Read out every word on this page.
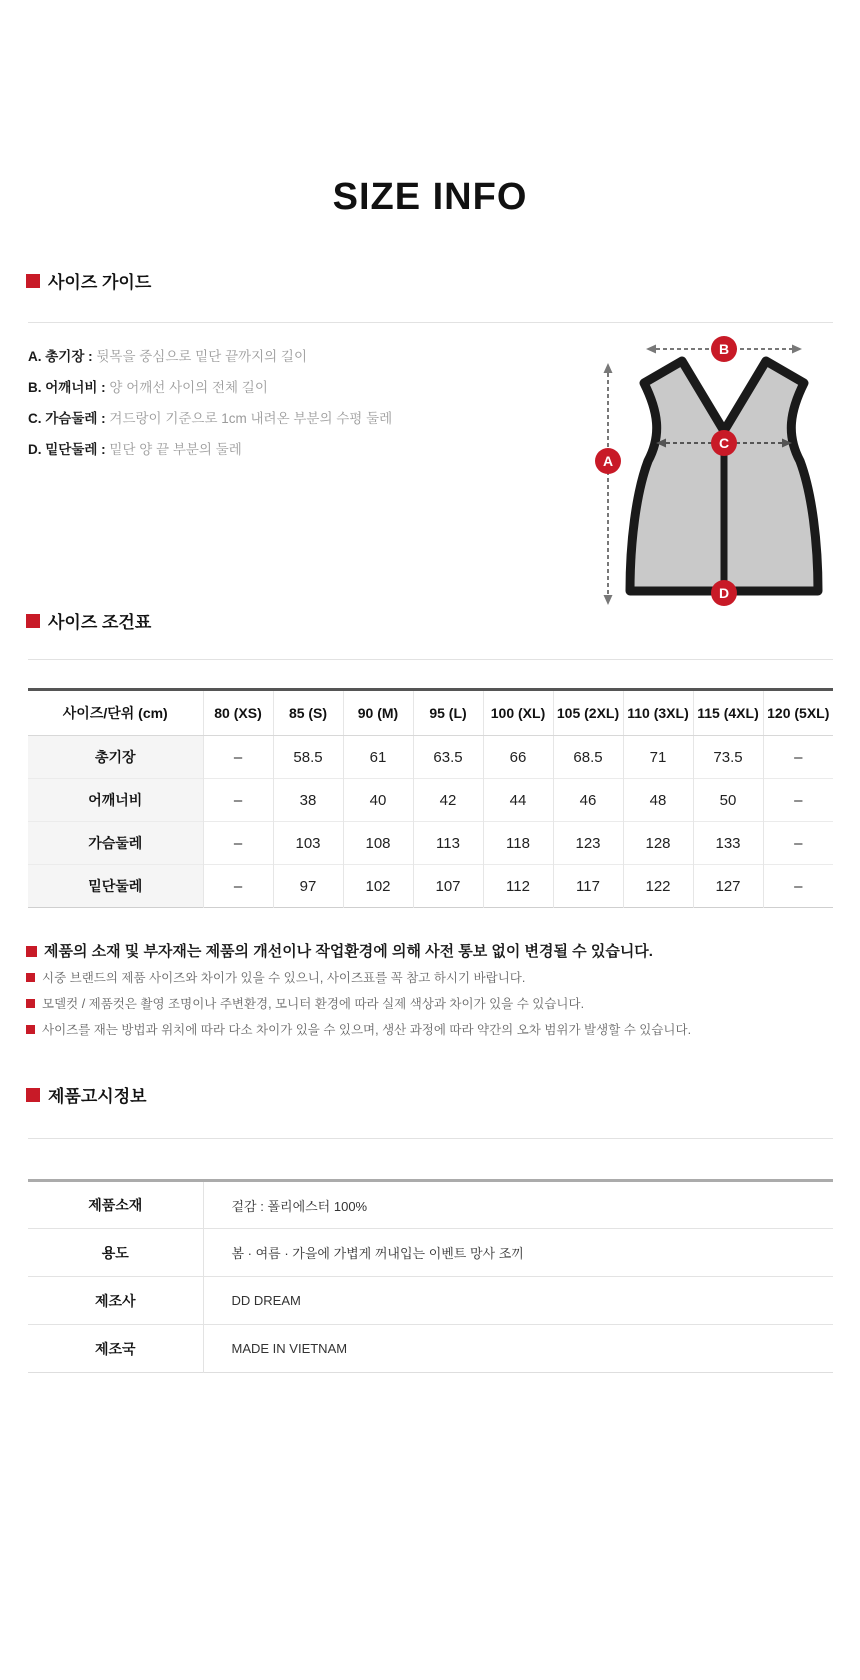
SIZE INFO
사이즈 가이드
A. 총기장 : 뒷목을 중심으로 밑단 끝까지의 길이
B. 어깨너비 : 양 어깨선 사이의 전체 길이
C. 가슴둘레 : 겨드랑이 기준으로 1cm 내려온 부분의 수평 둘레
D. 밑단둘레 : 밑단 양 끝 부분의 둘레
A
B
C
D
사이즈 조건표
사이즈/단위 (cm)	80 (XS)	85 (S)	90 (M)	95 (L)	100 (XL)	105 (2XL)	110 (3XL)	115 (4XL)	120 (5XL)
총기장	–	58.5	61	63.5	66	68.5	71	73.5	–
어깨너비	–	38	40	42	44	46	48	50	–
가슴둘레	–	103	108	113	118	123	128	133	–
밑단둘레	–	97	102	107	112	117	122	127	–
제품의 소재 및 부자재는 제품의 개선이나 작업환경에 의해 사전 통보 없이 변경될 수 있습니다.
시중 브랜드의 제품 사이즈와 차이가 있을 수 있으니, 사이즈표를 꼭 참고 하시기 바랍니다.
모델컷 / 제품컷은 촬영 조명이나 주변환경, 모니터 환경에 따라 실제 색상과 차이가 있을 수 있습니다.
사이즈를 재는 방법과 위치에 따라 다소 차이가 있을 수 있으며, 생산 과정에 따라 약간의 오차 범위가 발생할 수 있습니다.
제품고시정보
제품소재	겉감 : 폴리에스터 100%
용도	봄 · 여름 · 가을에 가볍게 꺼내입는 이벤트 망사 조끼
제조사	DD DREAM
제조국	MADE IN VIETNAM
